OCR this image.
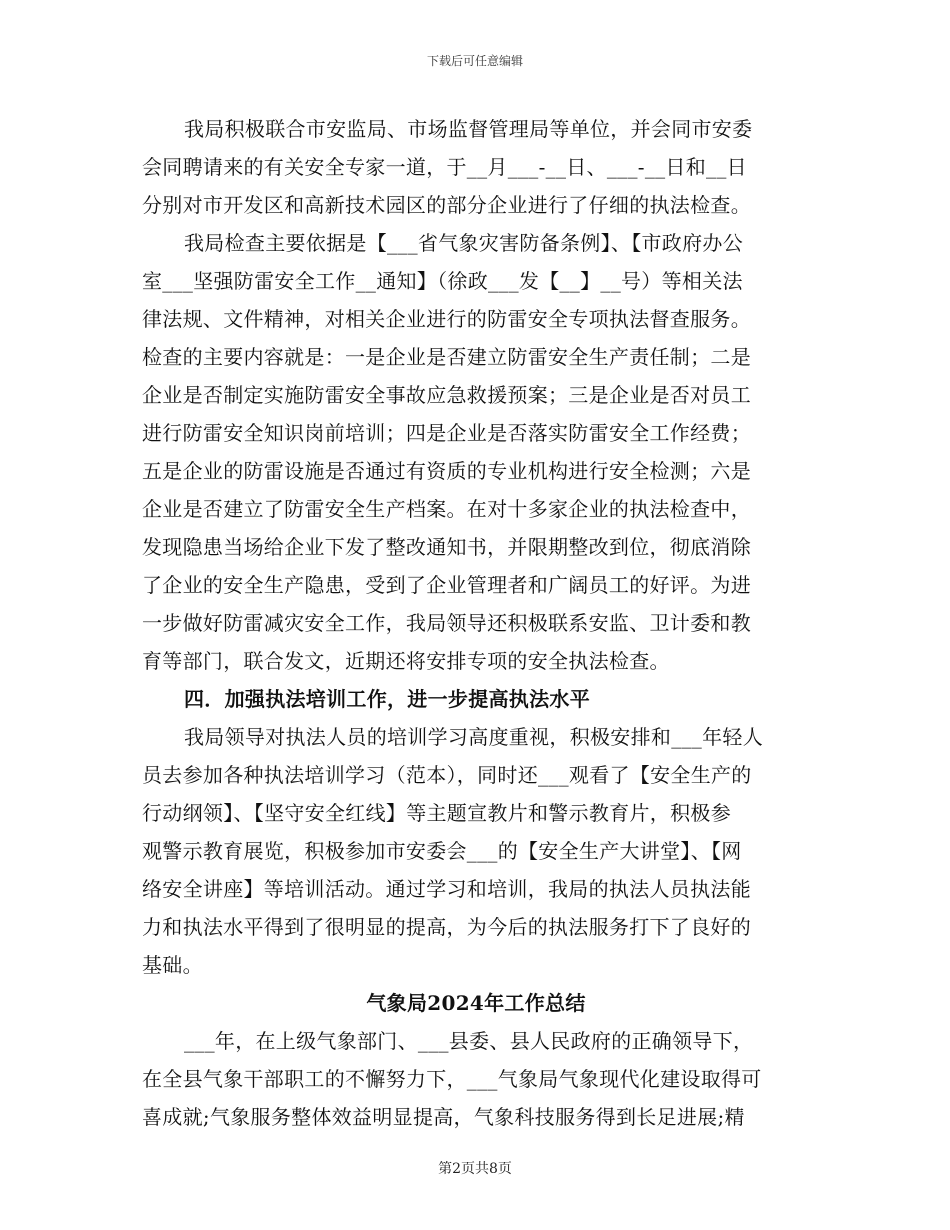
下载后可任意编辑
我局积极联合市安监局、市场监督管理局等单位，并会同市安委
会同聘请来的有关安全专家一道，于__月___-__日、___-__日和__日
分别对市开发区和高新技术园区的部分企业进行了仔细的执法检查。
我局检查主要依据是【___省气象灾害防备条例】、【市政府办公
室___坚强防雷安全工作__通知】（徐政___发【__】__号）等相关法
律法规、文件精神，对相关企业进行的防雷安全专项执法督查服务。
检查的主要内容就是：一是企业是否建立防雷安全生产责任制；二是
企业是否制定实施防雷安全事故应急救援预案；三是企业是否对员工
进行防雷安全知识岗前培训；四是企业是否落实防雷安全工作经费；
五是企业的防雷设施是否通过有资质的专业机构进行安全检测；六是
企业是否建立了防雷安全生产档案。在对十多家企业的执法检查中，
发现隐患当场给企业下发了整改通知书，并限期整改到位，彻底消除
了企业的安全生产隐患，受到了企业管理者和广阔员工的好评。为进
一步做好防雷减灾安全工作，我局领导还积极联系安监、卫计委和教
育等部门，联合发文，近期还将安排专项的安全执法检查。
四．加强执法培训工作，进一步提高执法水平
我局领导对执法人员的培训学习高度重视，积极安排和___年轻人
员去参加各种执法培训学习（范本），同时还___观看了【安全生产的
行动纲领】、【坚守安全红线】等主题宣教片和警示教育片，积极参
观警示教育展览，积极参加市安委会___的【安全生产大讲堂】、【网
络安全讲座】等培训活动。通过学习和培训，我局的执法人员执法能
力和执法水平得到了很明显的提高，为今后的执法服务打下了良好的
基础。
气象局2024年工作总结
___年，在上级气象部门、___县委、县人民政府的正确领导下，
在全县气象干部职工的不懈努力下，___气象局气象现代化建设取得可
喜成就;气象服务整体效益明显提高，气象科技服务得到长足进展;精
第2页共8页
